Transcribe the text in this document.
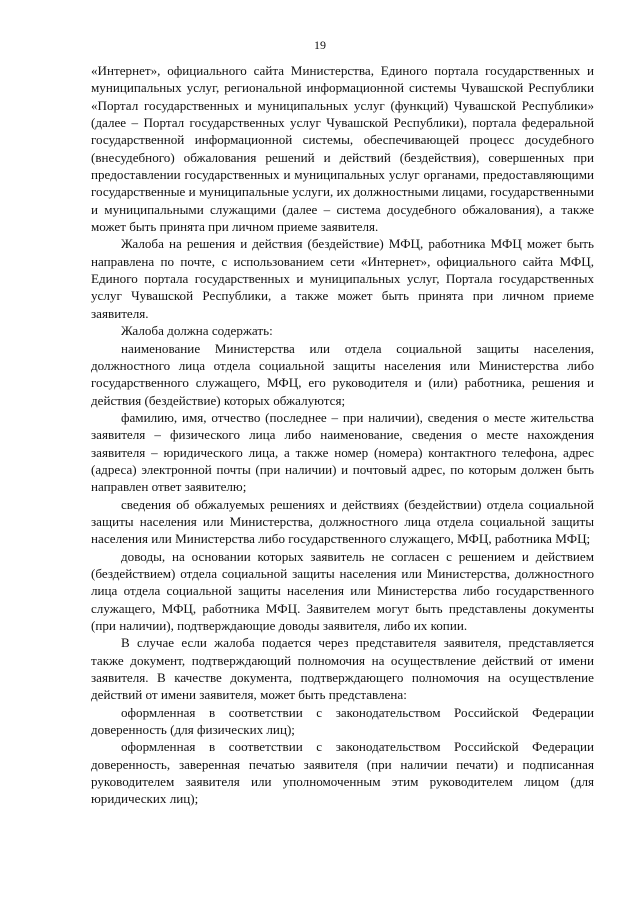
19

«Интернет», официального сайта Министерства, Единого портала государственных и муниципальных услуг, региональной информационной системы Чувашской Республики «Портал государственных и муниципальных услуг (функций) Чувашской Республики» (далее – Портал государственных услуг Чувашской Республики), портала федеральной государственной информационной системы, обеспечивающей процесс досудебного (внесудебного) обжалования решений и действий (бездействия), совершенных при предоставлении государственных и муниципальных услуг органами, предоставляющими государственные и муниципальные услуги, их должностными лицами, государственными и муниципальными служащими (далее – система досудебного обжалования), а также может быть принята при личном приеме заявителя.

Жалоба на решения и действия (бездействие) МФЦ, работника МФЦ может быть направлена по почте, с использованием сети «Интернет», официального сайта МФЦ, Единого портала государственных и муниципальных услуг, Портала государственных услуг Чувашской Республики, а также может быть принята при личном приеме заявителя.

Жалоба должна содержать:

наименование Министерства или отдела социальной защиты населения, должностного лица отдела социальной защиты населения или Министерства либо государственного служащего, МФЦ, его руководителя и (или) работника, решения и действия (бездействие) которых обжалуются;

фамилию, имя, отчество (последнее – при наличии), сведения о месте жительства заявителя – физического лица либо наименование, сведения о месте нахождения заявителя – юридического лица, а также номер (номера) контактного телефона, адрес (адреса) электронной почты (при наличии) и почтовый адрес, по которым должен быть направлен ответ заявителю;

сведения об обжалуемых решениях и действиях (бездействии) отдела социальной защиты населения или Министерства, должностного лица отдела социальной защиты населения или Министерства либо государственного служащего, МФЦ, работника МФЦ;

доводы, на основании которых заявитель не согласен с решением и действием (бездействием) отдела социальной защиты населения или Министерства, должностного лица отдела социальной защиты населения или Министерства либо государственного служащего, МФЦ, работника МФЦ. Заявителем могут быть представлены документы (при наличии), подтверждающие доводы заявителя, либо их копии.

В случае если жалоба подается через представителя заявителя, представляется также документ, подтверждающий полномочия на осуществление действий от имени заявителя. В качестве документа, подтверждающего полномочия на осуществление действий от имени заявителя, может быть представлена:

оформленная в соответствии с законодательством Российской Федерации доверенность (для физических лиц);

оформленная в соответствии с законодательством Российской Федерации доверенность, заверенная печатью заявителя (при наличии печати) и подписанная руководителем заявителя или уполномоченным этим руководителем лицом (для юридических лиц);
